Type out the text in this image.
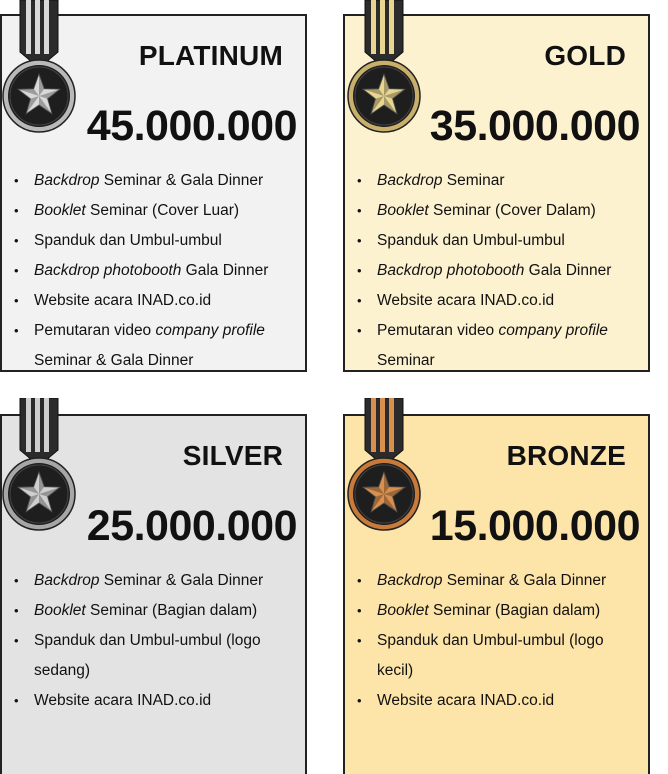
PLATINUM
45.000.000
• Backdrop Seminar & Gala Dinner
• Booklet Seminar (Cover Luar)
• Spanduk dan Umbul-umbul
• Backdrop photobooth Gala Dinner
• Website acara INAD.co.id
• Pemutaran video company profile Seminar & Gala Dinner
GOLD
35.000.000
• Backdrop Seminar
• Booklet Seminar (Cover Dalam)
• Spanduk dan Umbul-umbul
• Backdrop photobooth Gala Dinner
• Website acara INAD.co.id
• Pemutaran video company profile Seminar
SILVER
25.000.000
• Backdrop Seminar & Gala Dinner
• Booklet Seminar (Bagian dalam)
• Spanduk dan Umbul-umbul (logo sedang)
• Website acara INAD.co.id
BRONZE
15.000.000
• Backdrop Seminar & Gala Dinner
• Booklet Seminar (Bagian dalam)
• Spanduk dan Umbul-umbul (logo kecil)
• Website acara INAD.co.id
